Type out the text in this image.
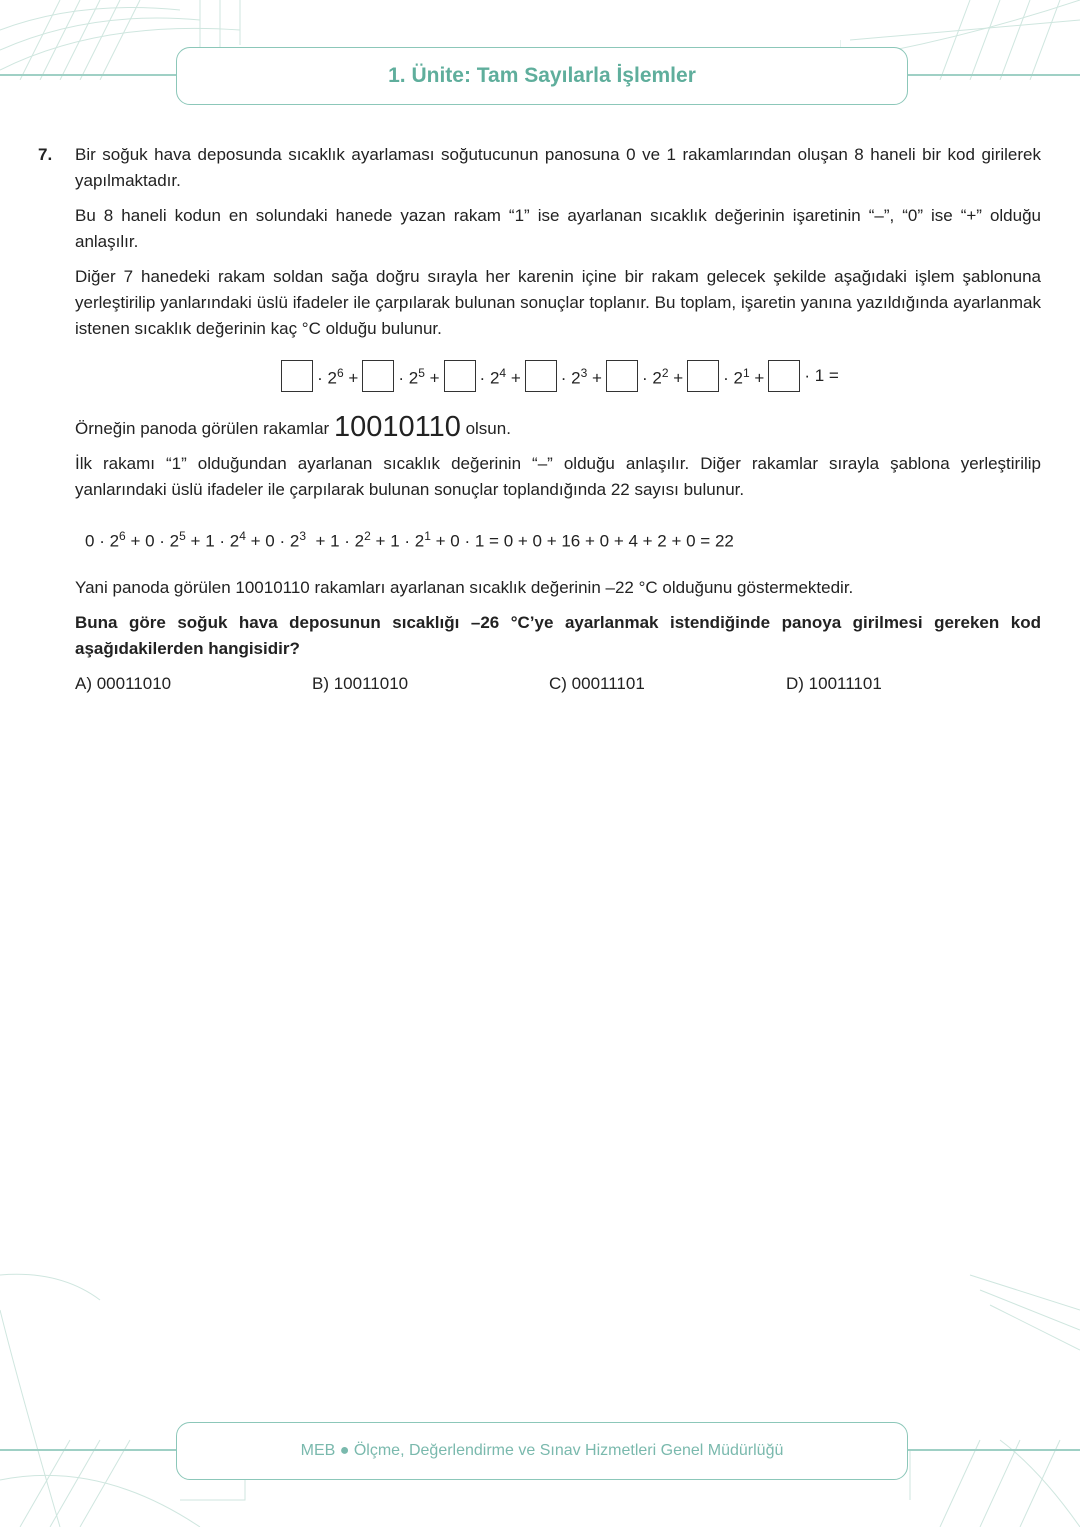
1. Ünite: Tam Sayılarla İşlemler
7. Bir soğuk hava deposunda sıcaklık ayarlaması soğutucunun panosuna 0 ve 1 rakamlarından oluşan 8 haneli bir kod girilerek yapılmaktadır.

Bu 8 haneli kodun en solundaki hanede yazan rakam “1” ise ayarlanan sıcaklık değerinin işaretinin “–”, “0” ise “+” olduğu anlaşılır.

Diğer 7 hanedeki rakam soldan sağa doğru sırayla her karenin içine bir rakam gelecek şekilde aşağıdaki işlem şablonuna yerleştirilip yanlarındaki üslü ifadeler ile çarpılarak bulunan sonuçlar toplanır. Bu toplam, işaretin yanına yazıldığında ayarlanmak istenen sıcaklık değerinin kaç °C olduğu bulunur.

· $2^6$ + · $2^5$ + · $2^4$ + · $2^3$ + · $2^2$ + · $2^1$ + · 1 =

Örneğin panoda görülen rakamlar 10010110 olsun.

İlk rakamı “1” olduğundan ayarlanan sıcaklık değerinin “–” olduğu anlaşılır. Diğer rakamlar sırayla şablona yerleştirilip yanlarındaki üslü ifadeler ile çarpılarak bulunan sonuçlar toplandığında 22 sayısı bulunur.

$0 \cdot 2^6 + 0 \cdot 2^5 + 1 \cdot 2^4 + 0 \cdot 2^3 + 1 \cdot 2^2 + 1 \cdot 2^1 + 0 \cdot 1 = 0 + 0 + 16 + 0 + 4 + 2 + 0 = 22$

Yani panoda görülen 10010110 rakamları ayarlanan sıcaklık değerinin –22 °C olduğunu göstermektedir.

Buna göre soğuk hava deposunun sıcaklığı –26 °C’ye ayarlanmak istendiğinde panoya girilmesi gereken kod aşağıdakilerden hangisidir?

A) 00011010	B) 10011010	C) 00011101	D) 10011101
MEB ● Ölçme, Değerlendirme ve Sınav Hizmetleri Genel Müdürlüğü
